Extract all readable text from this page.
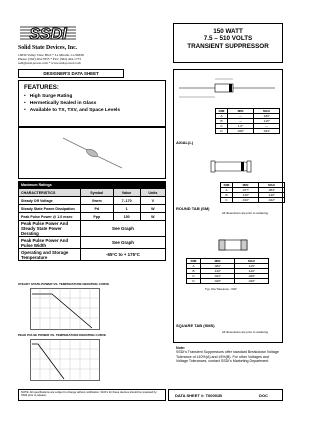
SSDI
Solid State Devices, Inc.
14830 Valley View Blvd * La Mirada, Ca 90638
Phone: (562) 404-7855 * Fax: (562) 404-1773
ssdi@ssdi-power.com * www.ssdi-power.com
150 WATT
7.5 – 510 VOLTS
TRANSIENT SUPPRESSOR
DESIGNER'S DATA SHEET
FEATURES:
• High Surge Rating
• Hermetically Sealed in Glass
• Available to TX, TXV, and Space Levels
Maximum Ratings			
CHARACTERISTICS	Symbol	Value	Units
Steady Off Voltage	Vwrm	7–170	V
Steady State Power Dissipation	Pd	1	W
Peak Pulse Power @ 1.0 msec	Ppp	150	W
Peak Pulse Power And Steady State Power Derating	See Graph		
Peak Pulse Power And Pulse Width	See Graph		
Operating and Storage Temperature	-65°C to + 175°C		
STEADY STATE POWER VS. TEMPERATURE DERATING CURVE
PEAK PULSE POWER VS. TEMPERATURE DERATING CURVE
DIM	MIN	MAX
A	---	.180"
B	---	.115"
C	1.0"	---
D	.028"	.034"
AXIAL(L)
DIM	MIN	MAX
A	.077"	.083"
B	.130"	.140"
C	.010"	.022"
ROUND TAB (SM)
All dimensions are prior to soldering
DIM	MIN	MAX
A	.080"	.115"
B	.120"	.140"
C	.022"	.028"
D	.028"	.048"
Typ. Dia Tolerance: .002"
SQUARE TAB (SMS)
All dimensions are prior to soldering
Note:
SSDI's Transient Suppressors offer standard Breakdown Voltage Tolerance of ±10%(A) and ±5%(B). For other Voltages and Voltage Tolerances, contact SSDI's Marketing Department.
NOTE: All specifications are subject to change without notification. SCD's for these devices should be reviewed by SSDI prior to release.	DATA SHEET #: T00001B	DOC
